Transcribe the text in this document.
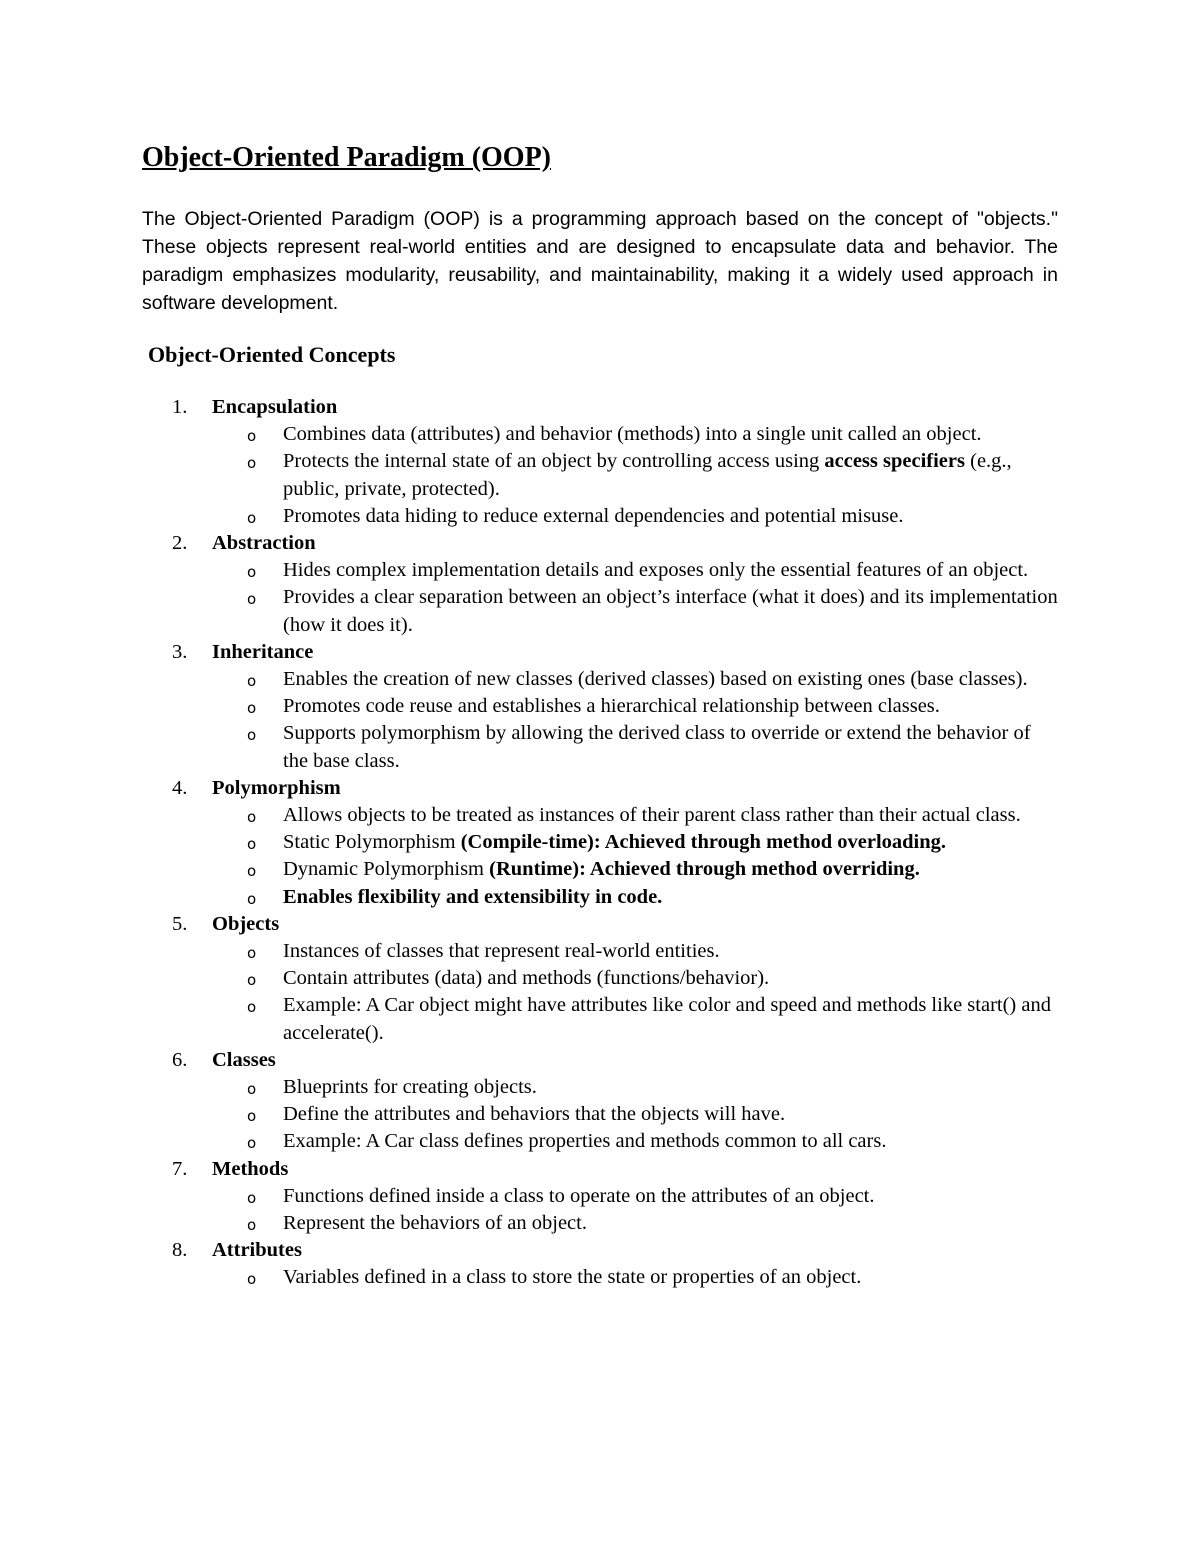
Object-Oriented Paradigm (OOP)

The Object-Oriented Paradigm (OOP) is a programming approach based on the concept of "objects." These objects represent real-world entities and are designed to encapsulate data and behavior. The paradigm emphasizes modularity, reusability, and maintainability, making it a widely used approach in software development.

Object-Oriented Concepts
1.	Encapsulation
o Combines data (attributes) and behavior (methods) into a single unit called an object.
o Protects the internal state of an object by controlling access using access specifiers (e.g., public, private, protected).
o Promotes data hiding to reduce external dependencies and potential misuse.
2.	Abstraction
o Hides complex implementation details and exposes only the essential features of an object.
o Provides a clear separation between an object’s interface (what it does) and its implementation (how it does it).
3.	Inheritance
o Enables the creation of new classes (derived classes) based on existing ones (base classes).
o Promotes code reuse and establishes a hierarchical relationship between classes.
o Supports polymorphism by allowing the derived class to override or extend the behavior of the base class.
4.	Polymorphism
o Allows objects to be treated as instances of their parent class rather than their actual class.
o Static Polymorphism (Compile-time): Achieved through method overloading.
o Dynamic Polymorphism (Runtime): Achieved through method overriding.
o Enables flexibility and extensibility in code.
5.	Objects
o Instances of classes that represent real-world entities.
o Contain attributes (data) and methods (functions/behavior).
o Example: A Car object might have attributes like color and speed and methods like start() and accelerate().
6.	Classes
o Blueprints for creating objects.
o Define the attributes and behaviors that the objects will have.
o Example: A Car class defines properties and methods common to all cars.
7.	Methods
o Functions defined inside a class to operate on the attributes of an object.
o Represent the behaviors of an object.
8.	Attributes
o Variables defined in a class to store the state or properties of an object.
